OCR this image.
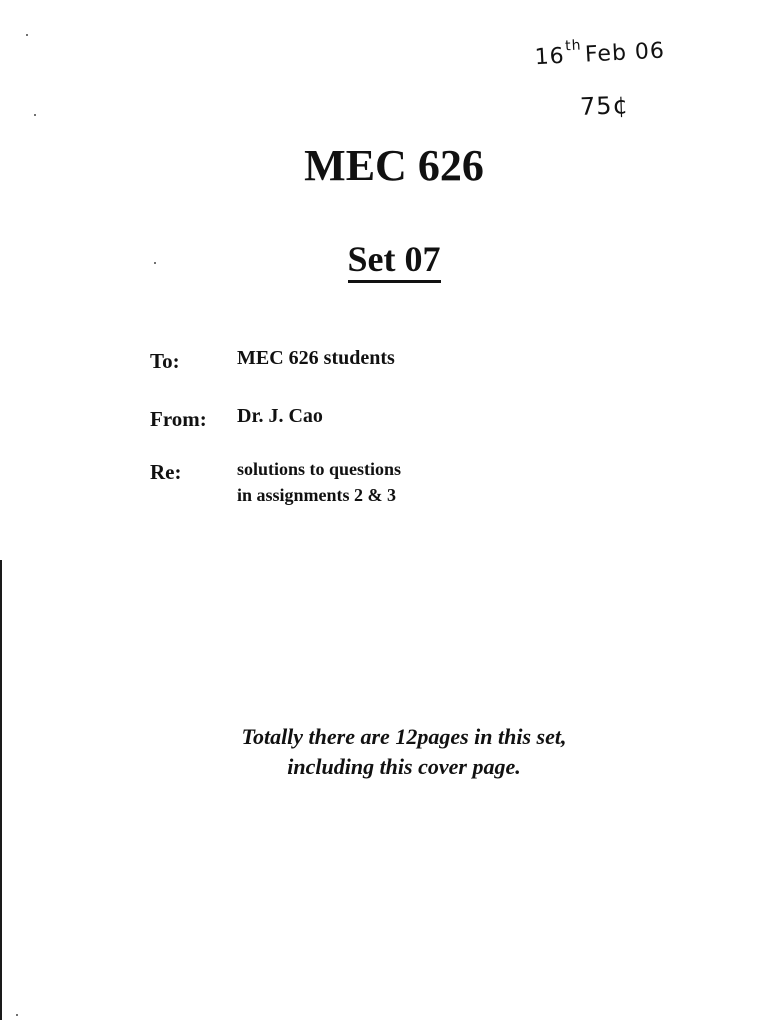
16th Feb 06
75¢
MEC 626
Set 07
To:	MEC 626 students
From: Dr. J. Cao
Re:	solutions to questions
in assignments 2 & 3
Totally there are 12pages in this set,
including this cover page.
